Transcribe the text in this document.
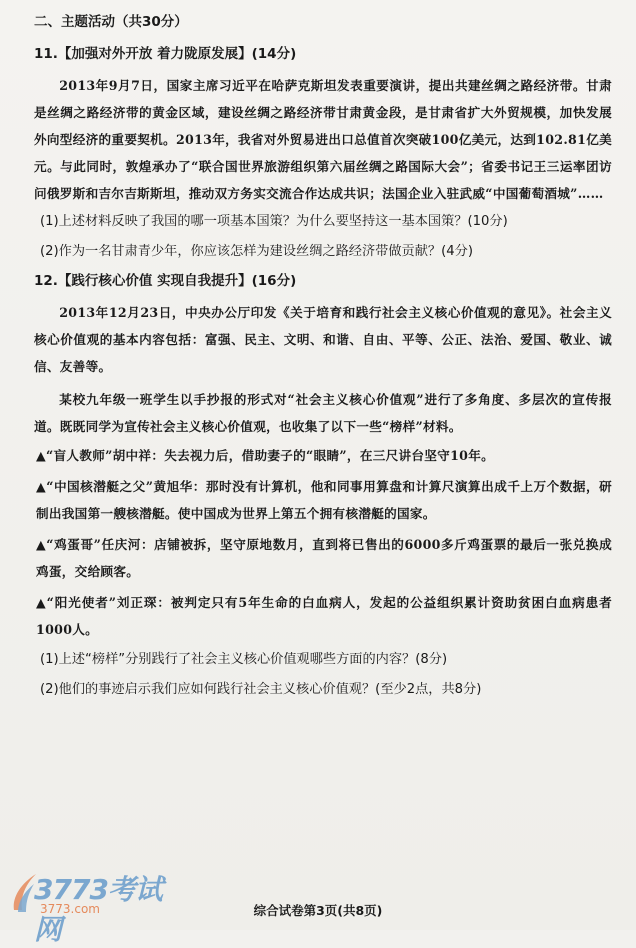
二、主题活动（共30分）
11.【加强对外开放 着力陇原发展】(14分)

2013年9月7日，国家主席习近平在哈萨克斯坦发表重要演讲，提出共建丝绸之路经济带。甘肃是丝绸之路经济带的黄金区域，建设丝绸之路经济带甘肃黄金段，是甘肃省扩大外贸规模，加快发展外向型经济的重要契机。2013年，我省对外贸易进出口总值首次突破100亿美元，达到102.81亿美元。与此同时，敦煌承办了“联合国世界旅游组织第六届丝绸之路国际大会”；省委书记王三运率团访问俄罗斯和吉尔吉斯斯坦，推动双方务实交流合作达成共识；法国企业入驻武威“中国葡萄酒城”……

(1)上述材料反映了我国的哪一项基本国策？为什么要坚持这一基本国策？(10分)
(2)作为一名甘肃青少年，你应该怎样为建设丝绸之路经济带做贡献？(4分)
12.【践行核心价值 实现自我提升】(16分)

2013年12月23日，中央办公厅印发《关于培育和践行社会主义核心价值观的意见》。社会主义核心价值观的基本内容包括：富强、民主、文明、和谐、自由、平等、公正、法治、爱国、敬业、诚信、友善等。

某校九年级一班学生以手抄报的形式对“社会主义核心价值观”进行了多角度、多层次的宣传报道。既既同学为宣传社会主义核心价值观，也收集了以下一些“榜样”材料。

▲“盲人教师”胡中祥：失去视力后，借助妻子的“眼睛”，在三尺讲台坚守10年。
▲“中国核潜艇之父”黄旭华：那时没有计算机，他和同事用算盘和计算尺演算出成千上万个数据，研制出我国第一艘核潜艇。使中国成为世界上第五个拥有核潜艇的国家。
▲“鸡蛋哥”任庆河：店铺被拆，坚守原地数月，直到将已售出的6000多斤鸡蛋票的最后一张兑换成鸡蛋，交给顾客。
▲“阳光使者”刘正琛：被判定只有5年生命的白血病人，发起的公益组织累计资助贫困白血病患者1000人。
(1)上述“榜样”分别践行了社会主义核心价值观哪些方面的内容？(8分)
(2)他们的事迹启示我们应如何践行社会主义核心价值观？(至少2点，共8分)
3773考试网
3773.com	综合试卷第3页(共8页)
